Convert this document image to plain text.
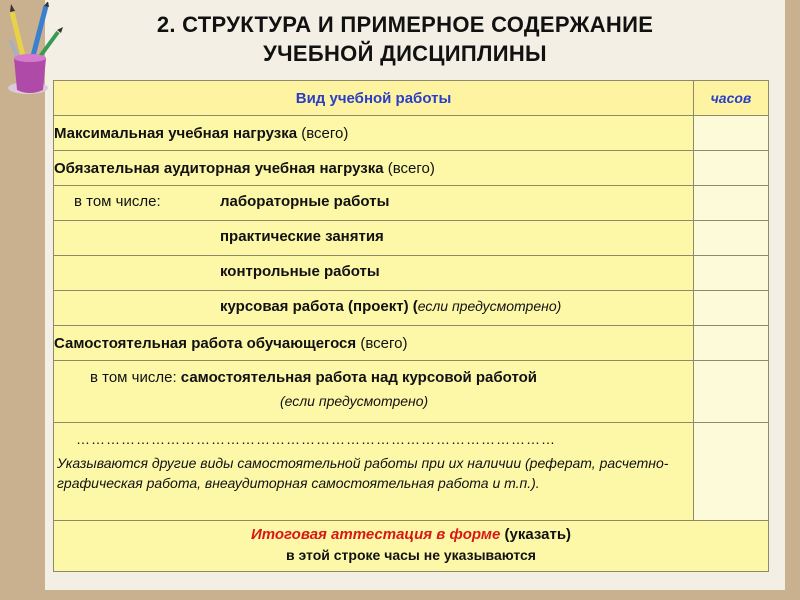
2. СТРУКТУРА И ПРИМЕРНОЕ СОДЕРЖАНИЕ
УЧЕБНОЙ ДИСЦИПЛИНЫ
Вид учебной работы	часов
Максимальная учебная нагрузка (всего)	
Обязательная аудиторная учебная нагрузка (всего)	

в том числе: лабораторные работы	

практические занятия	

контрольные работы	

курсовая работа (проект) (если предусмотрено)	

Самостоятельная работа обучающегося (всего)	

в том числе: самостоятельная работа над курсовой работой
(если предусмотрено)	

……………………………………………………………………………………
Указываются другие виды самостоятельной работы при их наличии (реферат, расчетно-графическая работа, внеаудиторная самостоятельная работа и т.п.).	

Итоговая аттестация в форме (указать)
в этой строке часы не указываются	
